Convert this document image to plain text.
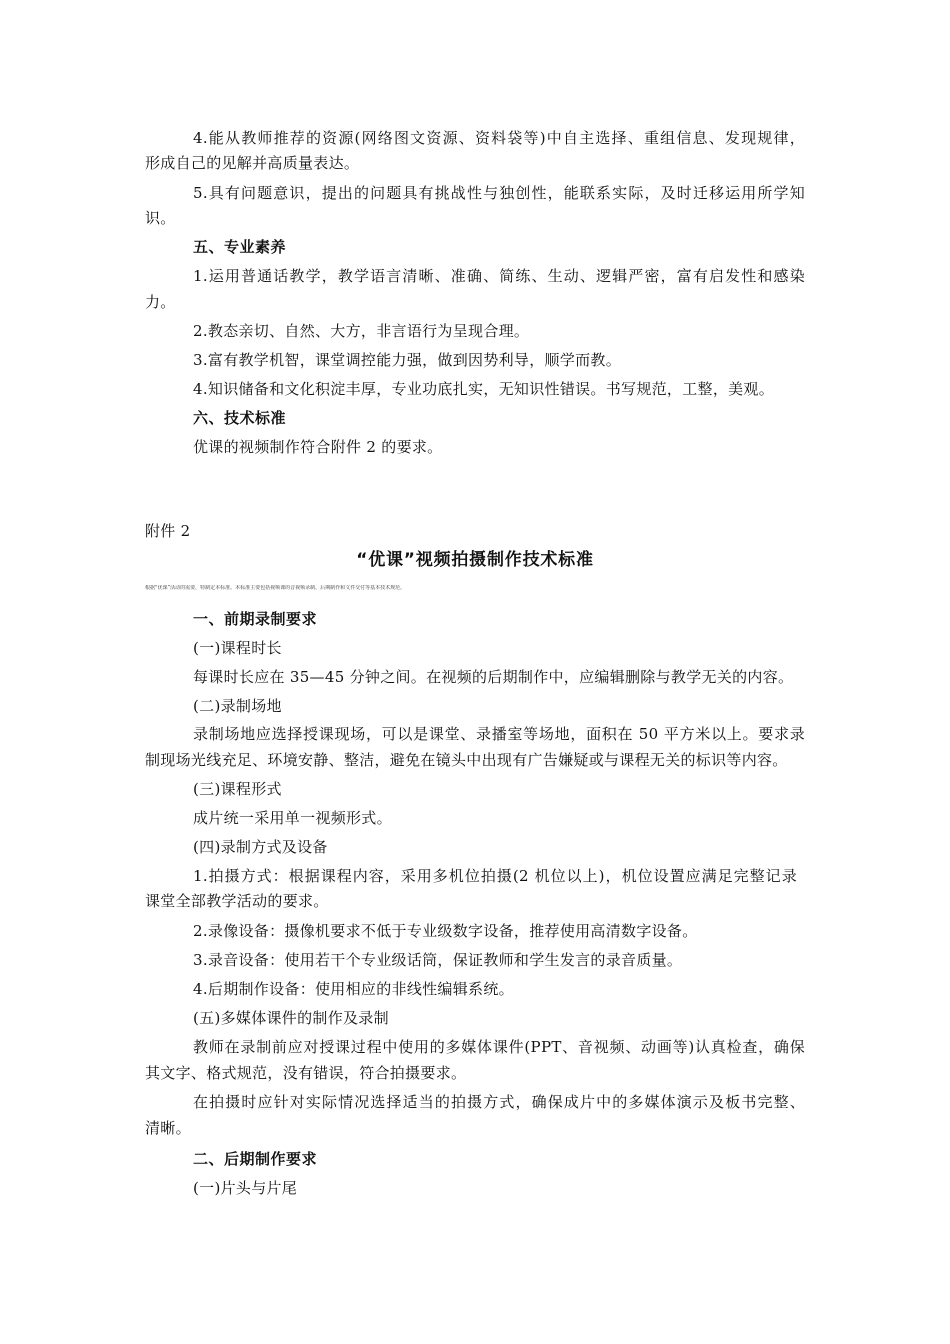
4.能从教师推荐的资源(网络图文资源、资料袋等)中自主选择、重组信息、发现规律，
形成自己的见解并高质量表达。
5.具有问题意识，提出的问题具有挑战性与独创性，能联系实际，及时迁移运用所学知
识。
五、专业素养
1.运用普通话教学，教学语言清晰、准确、简练、生动、逻辑严密，富有启发性和感染
力。
2.教态亲切、自然、大方，非言语行为呈现合理。
3.富有教学机智，课堂调控能力强，做到因势利导，顺学而教。
4.知识储备和文化积淀丰厚，专业功底扎实，无知识性错误。书写规范，工整，美观。
六、技术标准
优课的视频制作符合附件 2 的要求。
附件 2
“优课”视频拍摄制作技术标准
根据“优课”活动的需要，特制定本标准。本标准主要包括视频课的音视频录制、后期制作和文件交付等基本技术规范。
一、前期录制要求
(一)课程时长
每课时长应在 35—45 分钟之间。在视频的后期制作中，应编辑删除与教学无关的内容。
(二)录制场地
录制场地应选择授课现场，可以是课堂、录播室等场地，面积在 50 平方米以上。要求录
制现场光线充足、环境安静、整洁，避免在镜头中出现有广告嫌疑或与课程无关的标识等内容。
(三)课程形式
成片统一采用单一视频形式。
(四)录制方式及设备
1.拍摄方式：根据课程内容，采用多机位拍摄(2 机位以上)，机位设置应满足完整记录
课堂全部教学活动的要求。
2.录像设备：摄像机要求不低于专业级数字设备，推荐使用高清数字设备。
3.录音设备：使用若干个专业级话筒，保证教师和学生发言的录音质量。
4.后期制作设备：使用相应的非线性编辑系统。
(五)多媒体课件的制作及录制
教师在录制前应对授课过程中使用的多媒体课件(PPT、音视频、动画等)认真检查，确保
其文字、格式规范，没有错误，符合拍摄要求。
在拍摄时应针对实际情况选择适当的拍摄方式，确保成片中的多媒体演示及板书完整、
清晰。
二、后期制作要求
(一)片头与片尾
